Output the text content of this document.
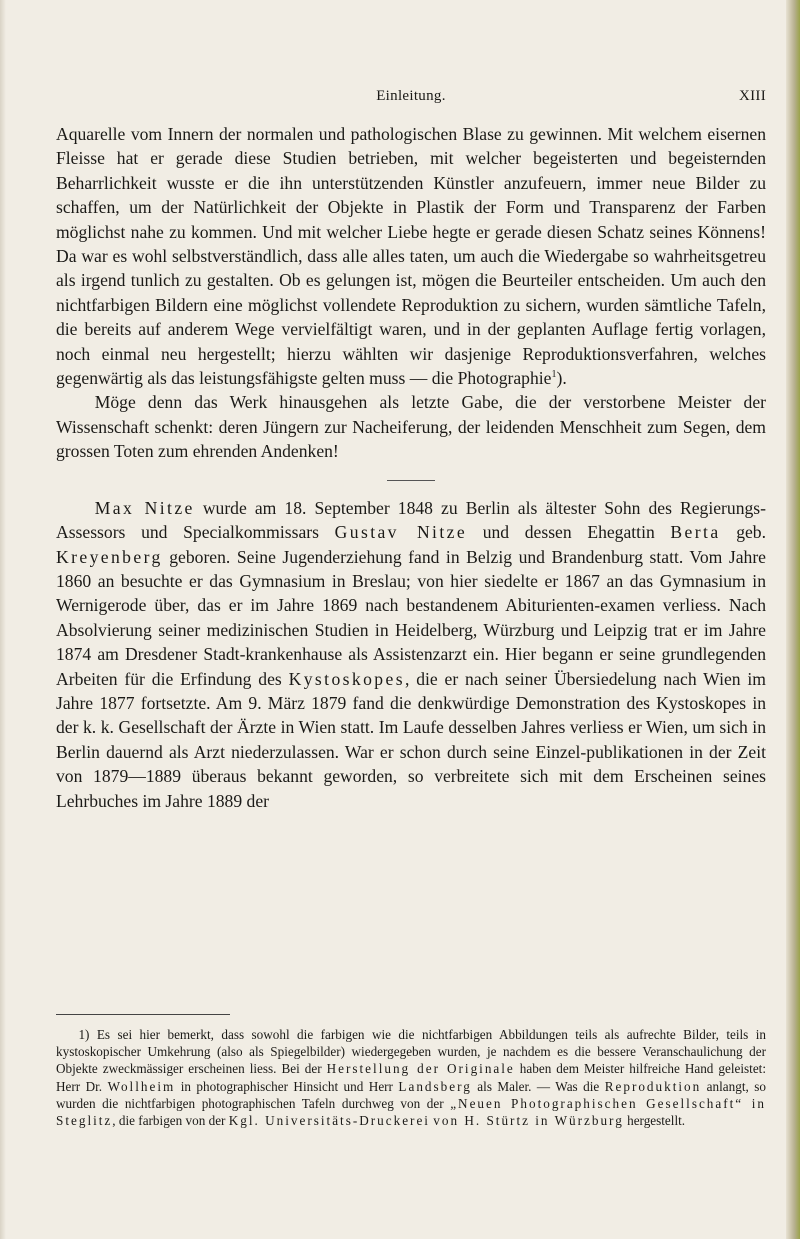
Einleitung.	XIII

Aquarelle vom Innern der normalen und pathologischen Blase zu gewinnen. Mit welchem eisernen Fleisse hat er gerade diese Studien betrieben, mit welcher begeisterten und begeisternden Beharrlichkeit wusste er die ihn unterstützenden Künstler anzufeuern, immer neue Bilder zu schaffen, um der Natürlichkeit der Objekte in Plastik der Form und Transparenz der Farben möglichst nahe zu kommen. Und mit welcher Liebe hegte er gerade diesen Schatz seines Könnens! Da war es wohl selbstverständlich, dass alle alles taten, um auch die Wiedergabe so wahrheitsgetreu als irgend tunlich zu gestalten. Ob es gelungen ist, mögen die Beurteiler entscheiden. Um auch den nichtfarbigen Bildern eine möglichst vollendete Reproduktion zu sichern, wurden sämtliche Tafeln, die bereits auf anderem Wege vervielfältigt waren, und in der geplanten Auflage fertig vorlagen, noch einmal neu hergestellt; hierzu wählten wir dasjenige Reproduktionsverfahren, welches gegenwärtig als das leistungsfähigste gelten muss — die Photographie$^1$).

Möge denn das Werk hinausgehen als letzte Gabe, die der verstorbene Meister der Wissenschaft schenkt: deren Jüngern zur Nacheiferung, der leidenden Menschheit zum Segen, dem grossen Toten zum ehrenden Andenken!

Max Nitze wurde am 18. September 1848 zu Berlin als ältester Sohn des Regierungs-Assessors und Specialkommissars Gustav Nitze und dessen Ehegattin Berta geb. Kreyenberg geboren. Seine Jugenderziehung fand in Belzig und Brandenburg statt. Vom Jahre 1860 an besuchte er das Gymnasium in Breslau; von hier siedelte er 1867 an das Gymnasium in Wernigerode über, das er im Jahre 1869 nach bestandenem Abiturienten-examen verliess. Nach Absolvierung seiner medizinischen Studien in Heidelberg, Würzburg und Leipzig trat er im Jahre 1874 am Dresdener Stadt-krankenhause als Assistenzarzt ein. Hier begann er seine grundlegenden Arbeiten für die Erfindung des Kystoskopes, die er nach seiner Übersiedelung nach Wien im Jahre 1877 fortsetzte. Am 9. März 1879 fand die denkwürdige Demonstration des Kystoskopes in der k. k. Gesellschaft der Ärzte in Wien statt. Im Laufe desselben Jahres verliess er Wien, um sich in Berlin dauernd als Arzt niederzulassen. War er schon durch seine Einzel-publikationen in der Zeit von 1879—1889 überaus bekannt geworden, so verbreitete sich mit dem Erscheinen seines Lehrbuches im Jahre 1889 der

1) Es sei hier bemerkt, dass sowohl die farbigen wie die nichtfarbigen Abbildungen teils als aufrechte Bilder, teils in kystoskopischer Umkehrung (also als Spiegelbilder) wiedergegeben wurden, je nachdem es die bessere Veranschaulichung der Objekte zweckmässiger erscheinen liess. Bei der Herstellung der Originale haben dem Meister hilfreiche Hand geleistet: Herr Dr. Wollheim in photographischer Hinsicht und Herr Landsberg als Maler. — Was die Reproduktion anlangt, so wurden die nichtfarbigen photographischen Tafeln durchweg von der „Neuen Photographischen Gesellschaft“ in Steglitz, die farbigen von der Kgl. Universitäts-Druckerei von H. Stürtz in Würzburg hergestellt.
